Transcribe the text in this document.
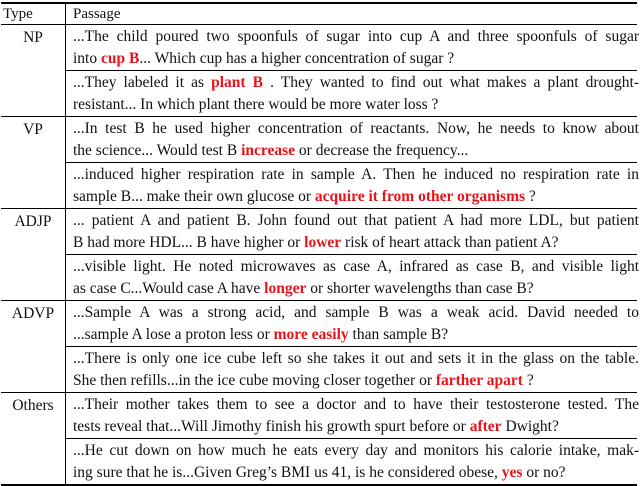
Type	Passage
...The child poured two spoonfuls of sugar into cup A and three spoonfuls of sugar
into cup B... Which cup has a higher concentration of sugar ?
...They labeled it as plant B . They wanted to find out what makes a plant drought-
resistant... In which plant there would be more water loss ?
NP
...In test B he used higher concentration of reactants. Now, he needs to know about
the science... Would test B increase or decrease the frequency...
...induced higher respiration rate in sample A. Then he induced no respiration rate in
sample B... make their own glucose or acquire it from other organisms ?
VP
... patient A and patient B. John found out that patient A had more LDL, but patient
B had more HDL... B have higher or lower risk of heart attack than patient A?
...visible light. He noted microwaves as case A, infrared as case B, and visible light
as case C...Would case A have longer or shorter wavelengths than case B?
ADJP
...Sample A was a strong acid, and sample B was a weak acid. David needed to
...sample A lose a proton less or more easily than sample B?
...There is only one ice cube left so she takes it out and sets it in the glass on the table.
She then refills...in the ice cube moving closer together or farther apart ?
ADVP
...Their mother takes them to see a doctor and to have their testosterone tested. The
tests reveal that...Will Jimothy finish his growth spurt before or after Dwight?
...He cut down on how much he eats every day and monitors his calorie intake, mak-
ing sure that he is...Given Greg’s BMI us 41, is he considered obese, yes or no?
Others
